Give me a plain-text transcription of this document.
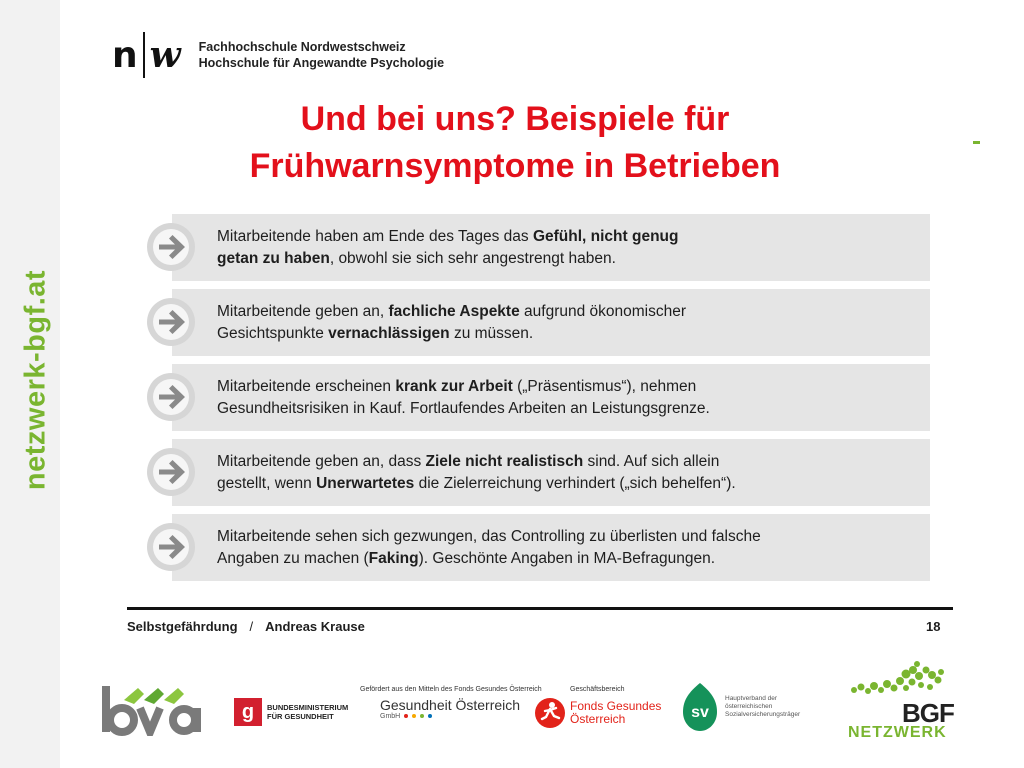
netzwerk-bgf.at
n w Fachhochschule Nordwestschweiz
Hochschule für Angewandte Psychologie
Und bei uns? Beispiele für
Frühwarnsymptome in Betrieben
Mitarbeitende haben am Ende des Tages das Gefühl, nicht genug
getan zu haben, obwohl sie sich sehr angestrengt haben.
Mitarbeitende geben an, fachliche Aspekte aufgrund ökonomischer
Gesichtspunkte vernachlässigen zu müssen.
Mitarbeitende erscheinen krank zur Arbeit („Präsentismus“), nehmen
Gesundheitsrisiken in Kauf. Fortlaufendes Arbeiten an Leistungsgrenze.
Mitarbeitende geben an, dass Ziele nicht realistisch sind. Auf sich allein
gestellt, wenn Unerwartetes die Zielerreichung verhindert („sich behelfen“).
Mitarbeitende sehen sich gezwungen, das Controlling zu überlisten und falsche
Angaben zu machen (Faking). Geschönte Angaben in MA-Befragungen.
Selbstgefährdung / Andreas Krause	18
g	BUNDESMINISTERIUM
FÜR GESUNDHEIT
Gefördert aus den Mitteln des Fonds Gesundes Österreich
Gesundheit Österreich
GmbH
Geschäftsbereich
Fonds Gesundes
Österreich	sv
Hauptverband der
österreichischen
Sozialversicherungsträger	BGF
NETZWERK
